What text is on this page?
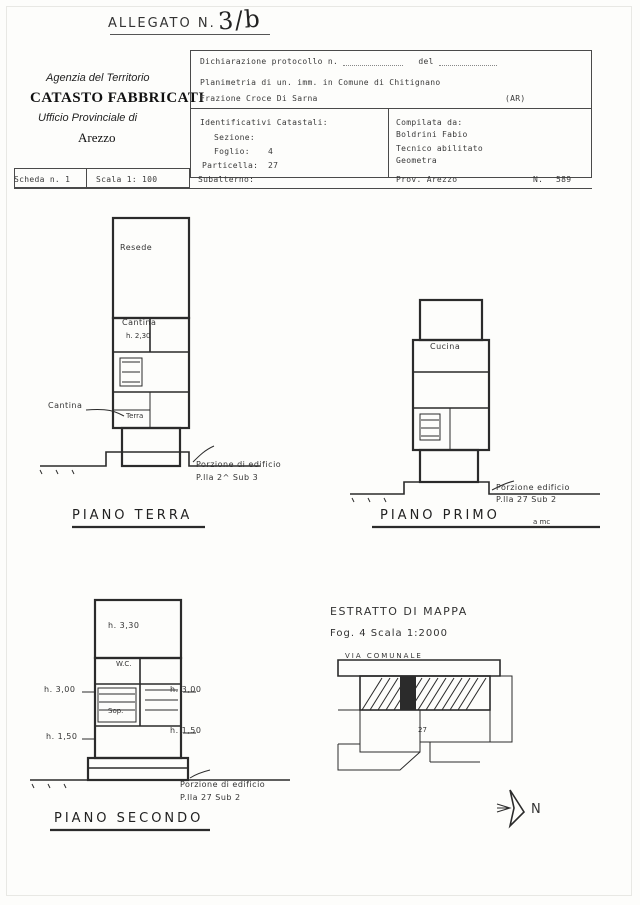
ALLEGATO N. 3/b
Agenzia del Territorio
CATASTO FABBRICATI
Ufficio Provinciale di
Arezzo
Dichiarazione protocollo n.	del
Planimetria di un. imm. in Comune di Chitignano
Frazione Croce Di Sarna	(AR)
Identificativi Catastali:
Sezione:
Foglio: 4
Particella: 27
Subalterno:
Compilata da:
Boldrini Fabio
Tecnico abilitato
Geometra
Prov. Arezzo	N. 589
Scheda n. 1	Scala 1: 100
PIANO TERRA	PIANO PRIMO	a mc
PIANO SECONDO
Resede
Cantina
h. 2,30
Cantina
Terra
Porzione di edificio
P.lla 2^ Sub 3
Cucina
Porzione edificio
P.lla 27 Sub 2
h. 3,30
h. 3,00	h. 3,00
h. 1,50
h. 1,50
W.C.
Sop.
Porzione di edificio
P.lla 27 Sub 2
ESTRATTO DI MAPPA
Fog. 4 Scala 1:2000
VIA COMUNALE
27
N
